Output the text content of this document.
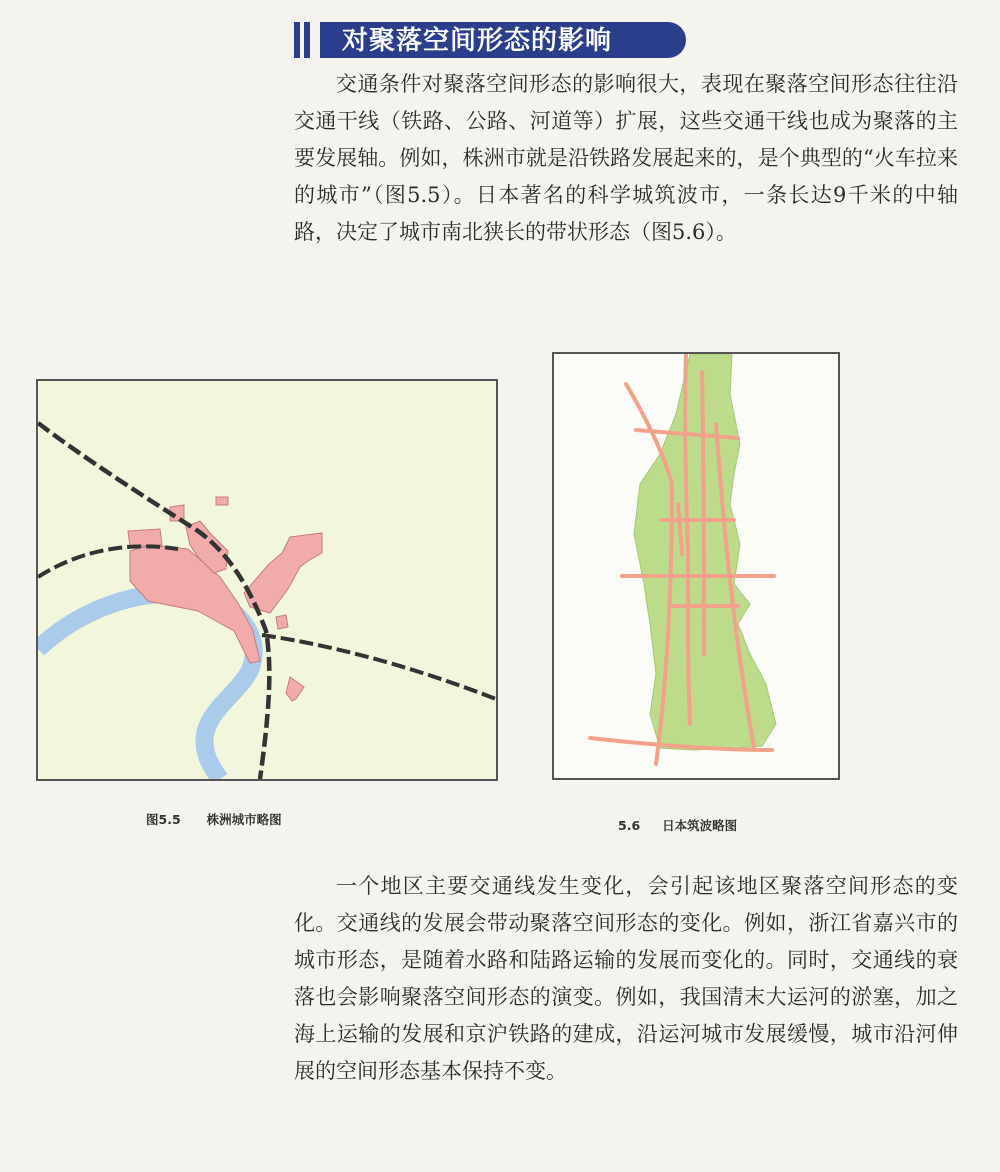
对聚落空间形态的影响

交通条件对聚落空间形态的影响很大，表现在聚落空间形态往往沿交通干线（铁路、公路、河道等）扩展，这些交通干线也成为聚落的主要发展轴。例如，株洲市就是沿铁路发展起来的，是个典型的“火车拉来的城市”（图5.5）。日本著名的科学城筑波市，一条长达9千米的中轴路，决定了城市南北狭长的带状形态（图5.6）。

图5.5 株洲城市略图	5.6 日本筑波略图

一个地区主要交通线发生变化，会引起该地区聚落空间形态的变化。交通线的发展会带动聚落空间形态的变化。例如，浙江省嘉兴市的城市形态，是随着水路和陆路运输的发展而变化的。同时，交通线的衰落也会影响聚落空间形态的演变。例如，我国清末大运河的淤塞，加之海上运输的发展和京沪铁路的建成，沿运河城市发展缓慢，城市沿河伸展的空间形态基本保持不变。
